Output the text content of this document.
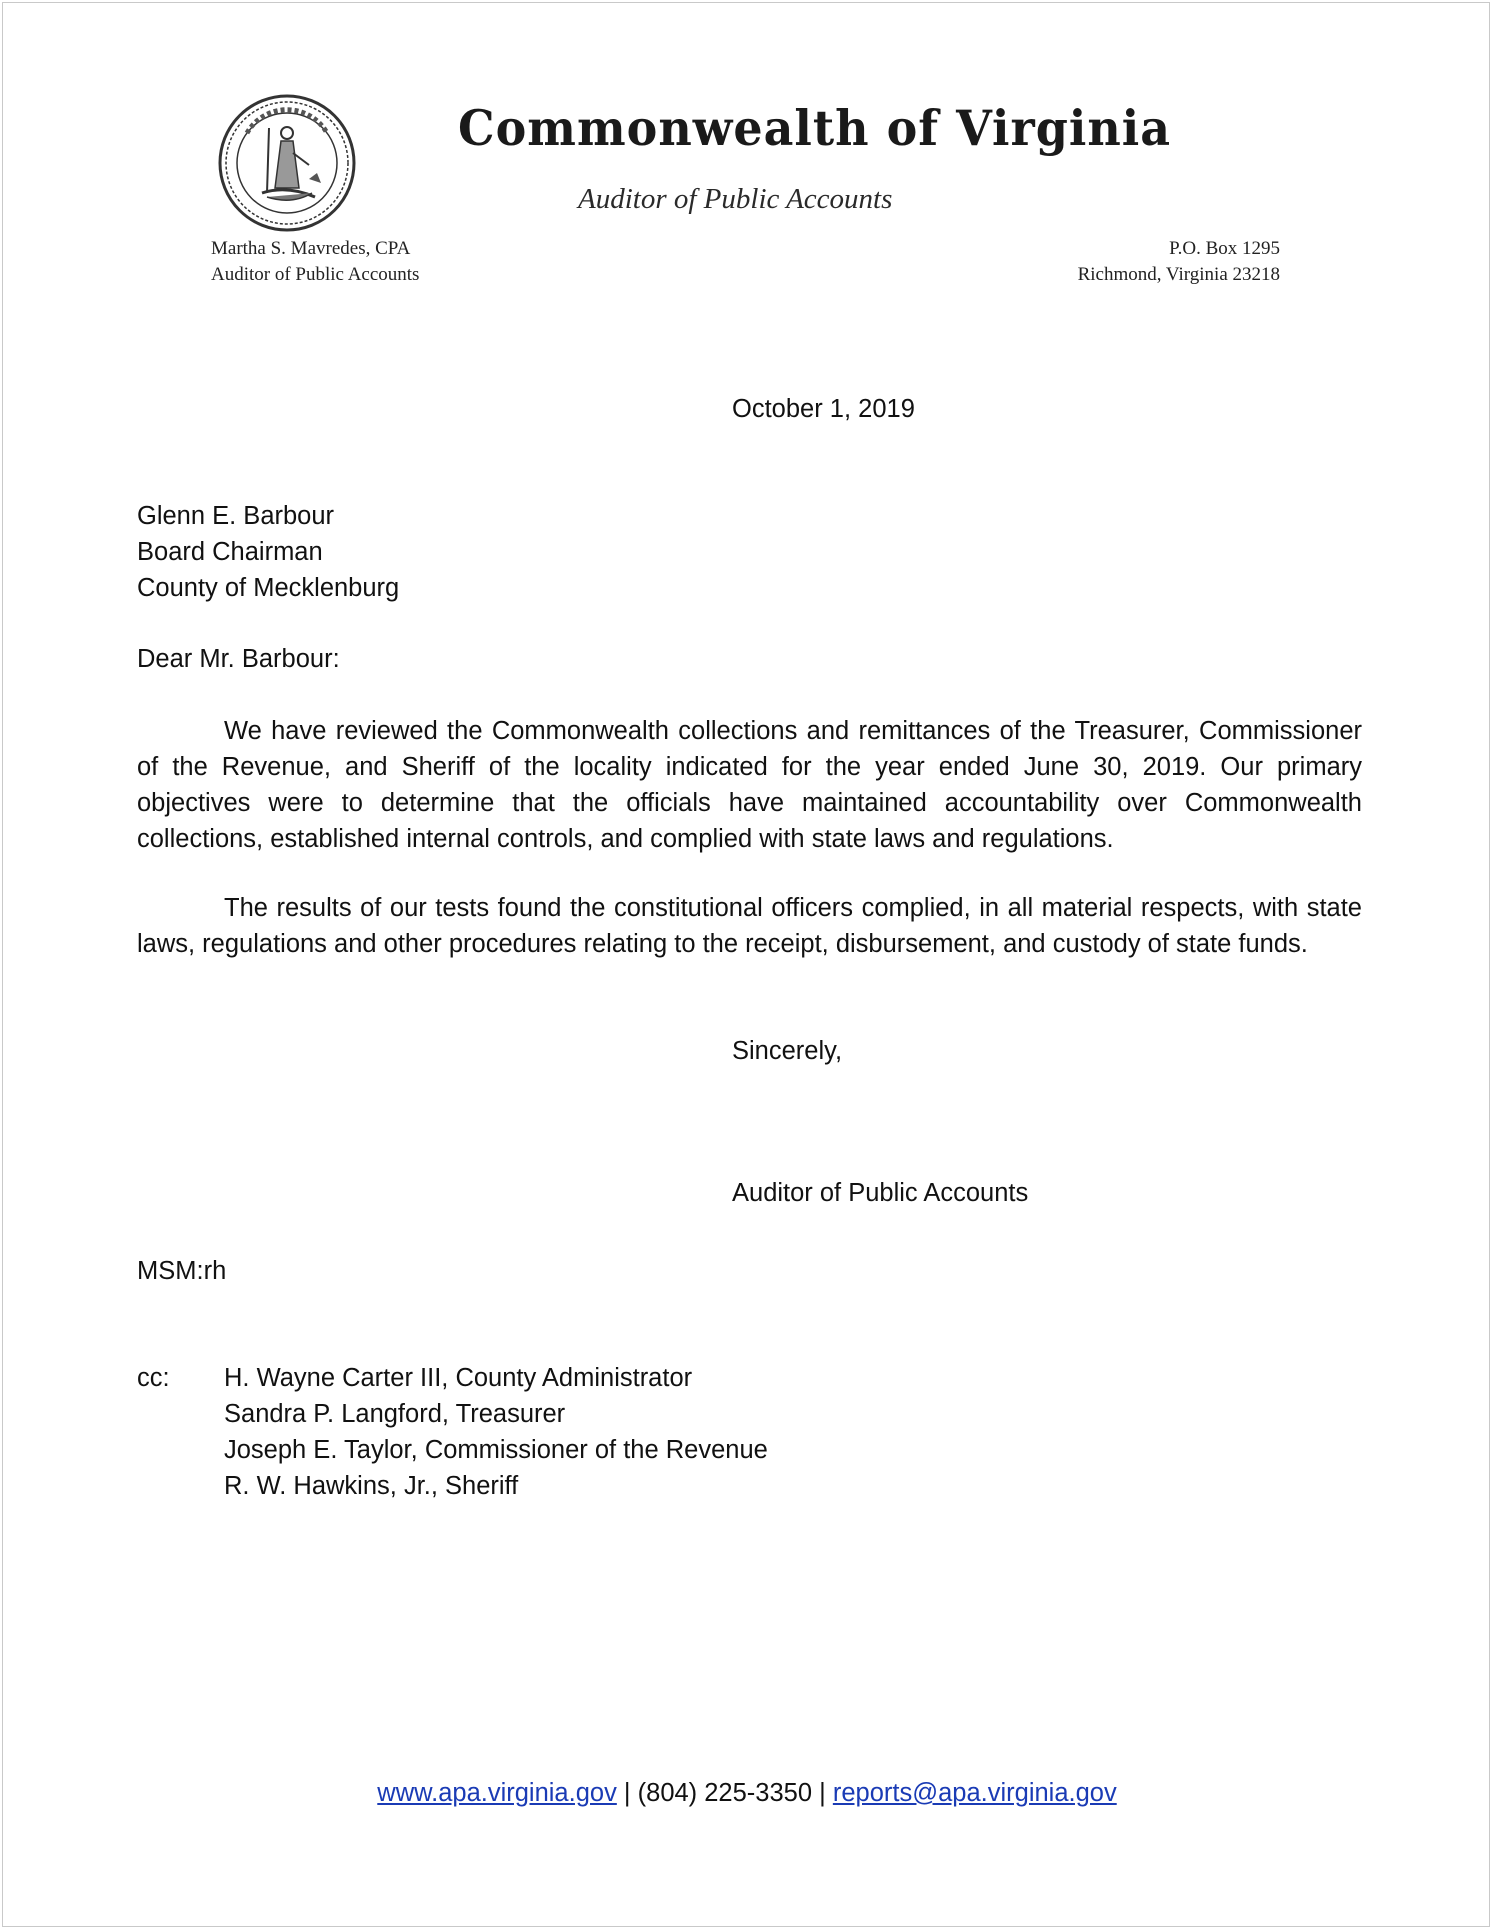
Commonwealth of Virginia
Auditor of Public Accounts
Martha S. Mavredes, CPA
Auditor of Public Accounts
P.O. Box 1295
Richmond, Virginia 23218
October 1, 2019
Glenn E. Barbour
Board Chairman
County of Mecklenburg
Dear Mr. Barbour:
We have reviewed the Commonwealth collections and remittances of the Treasurer, Commissioner of the Revenue, and Sheriff of the locality indicated for the year ended June 30, 2019. Our primary objectives were to determine that the officials have maintained accountability over Commonwealth collections, established internal controls, and complied with state laws and regulations.
The results of our tests found the constitutional officers complied, in all material respects, with state laws, regulations and other procedures relating to the receipt, disbursement, and custody of state funds.
Sincerely,
Auditor of Public Accounts
MSM:rh
cc: H. Wayne Carter III, County Administrator
Sandra P. Langford, Treasurer
Joseph E. Taylor, Commissioner of the Revenue
R. W. Hawkins, Jr., Sheriff
www.apa.virginia.gov | (804) 225-3350 | reports@apa.virginia.gov
